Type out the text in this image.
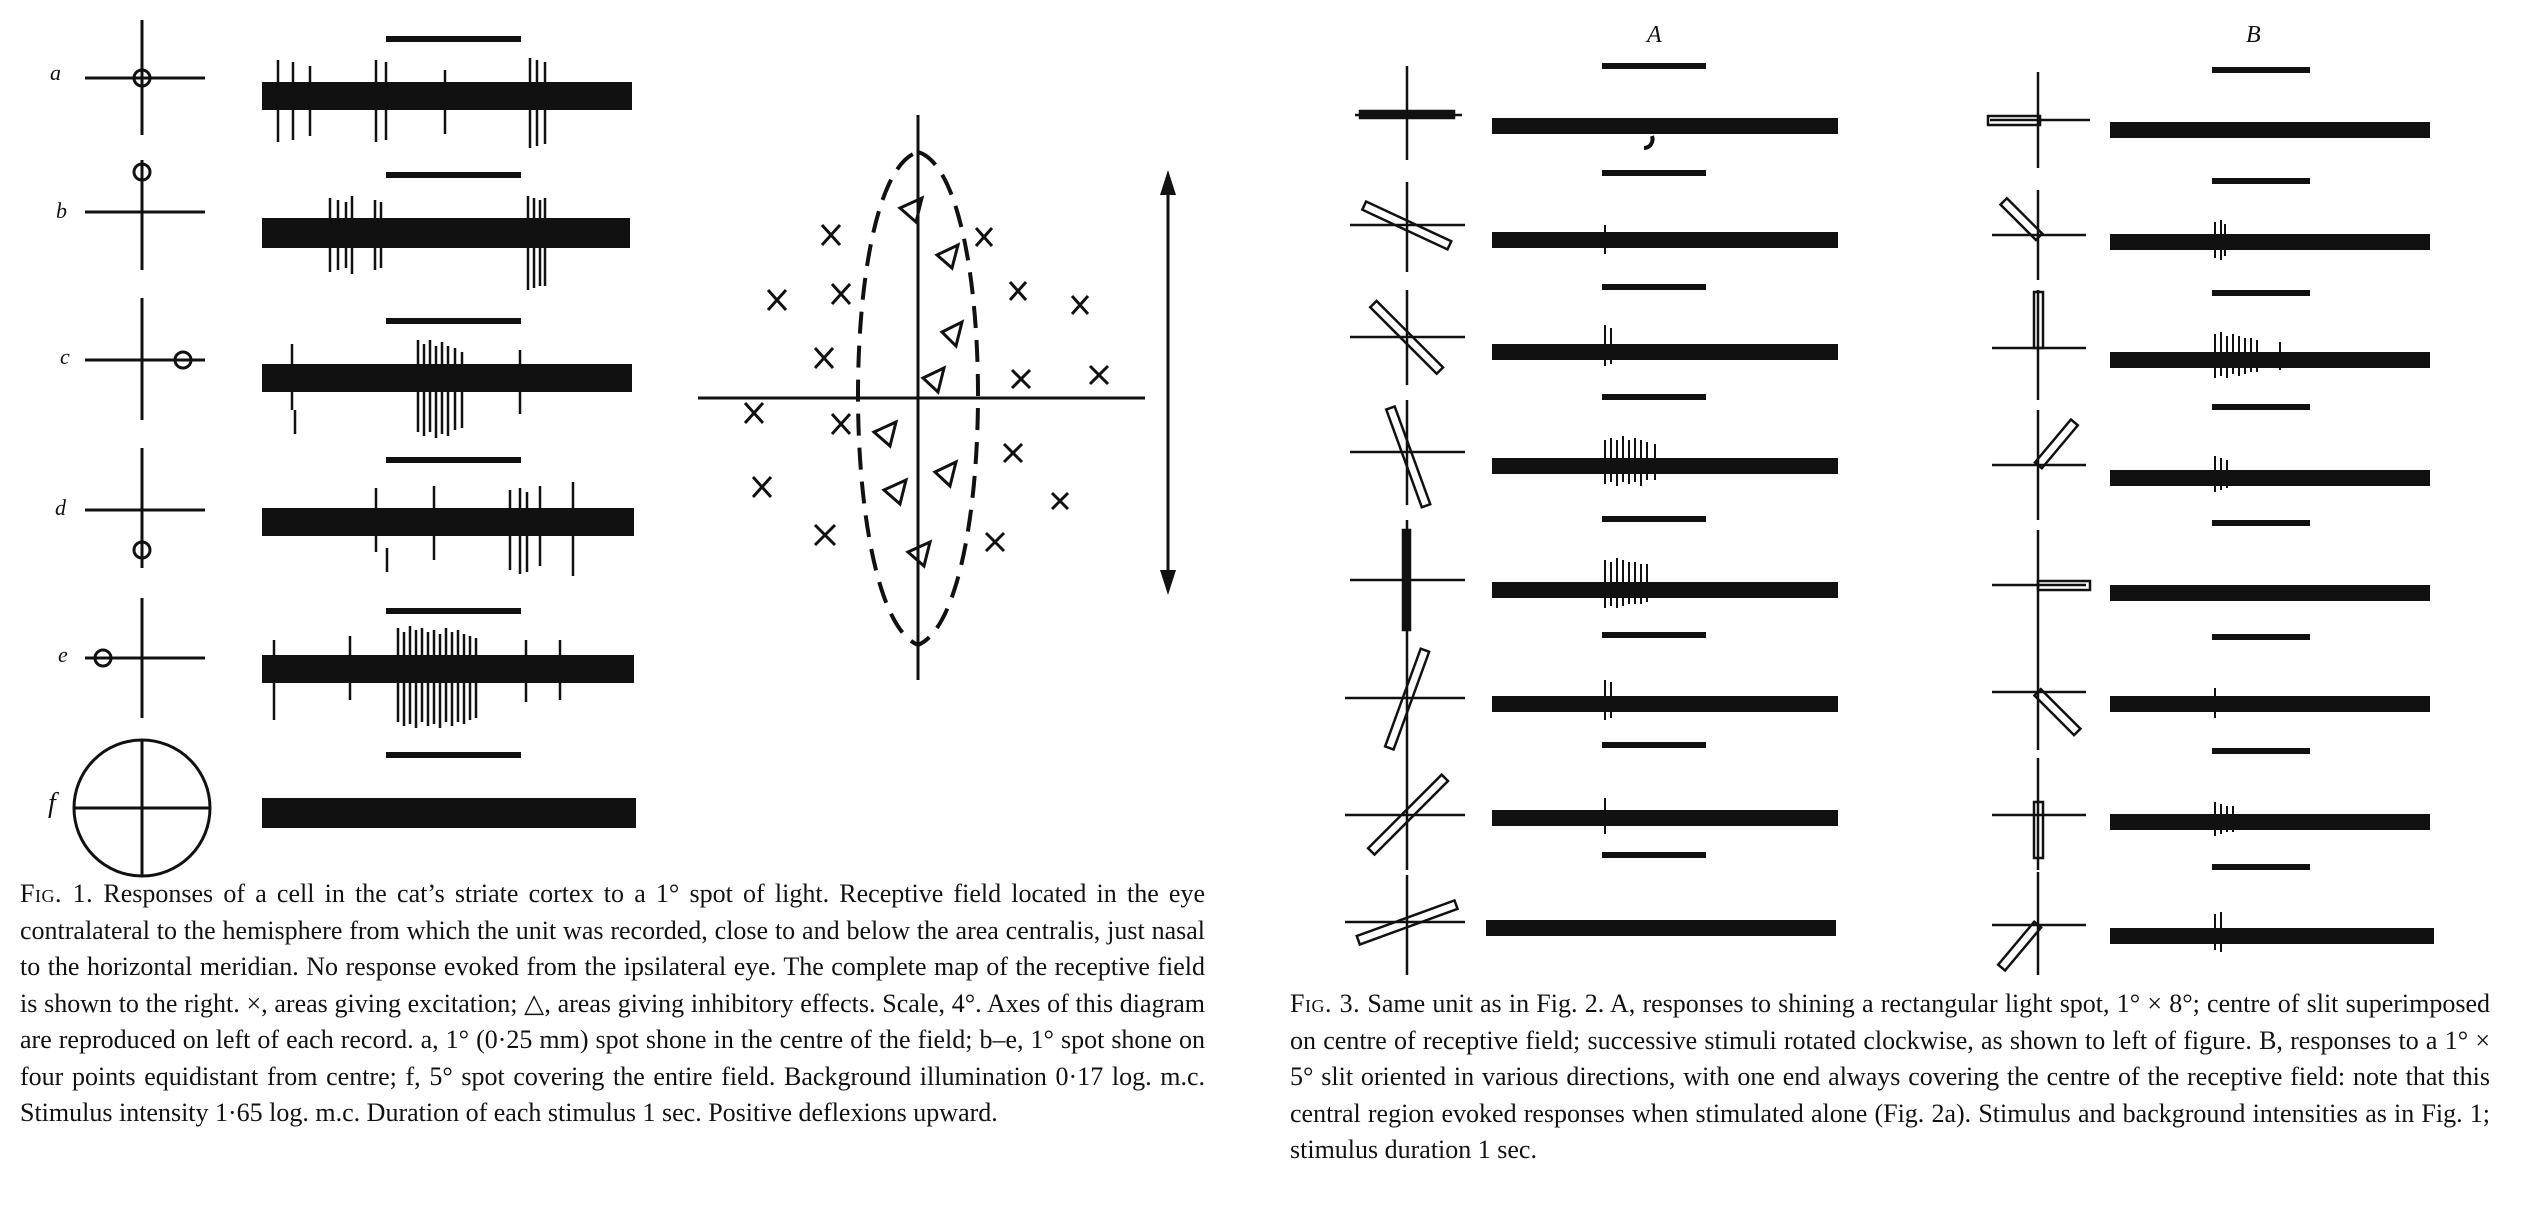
a
b
c
d
e
f

Fig. 1. Responses of a cell in the cat’s striate cortex to a 1° spot of light. Receptive field located in the eye contralateral to the hemisphere from which the unit was recorded, close to and below the area centralis, just nasal to the horizontal meridian. No response evoked from the ipsilateral eye. The complete map of the receptive field is shown to the right. ×, areas giving excitation; △, areas giving inhibitory effects. Scale, 4°. Axes of this diagram are reproduced on left of each record. a, 1° (0·25 mm) spot shone in the centre of the field; b–e, 1° spot shone on four points equidistant from centre; f, 5° spot covering the entire field. Background illumination 0·17 log. m.c. Stimulus intensity 1·65 log. m.c. Duration of each stimulus 1 sec. Positive deflexions upward.

A	B

Fig. 3. Same unit as in Fig. 2. A, responses to shining a rectangular light spot, 1° × 8°; centre of slit superimposed on centre of receptive field; successive stimuli rotated clockwise, as shown to left of figure. B, responses to a 1° × 5° slit oriented in various directions, with one end always covering the centre of the receptive field: note that this central region evoked responses when stimulated alone (Fig. 2a). Stimulus and background intensities as in Fig. 1; stimulus duration 1 sec.
